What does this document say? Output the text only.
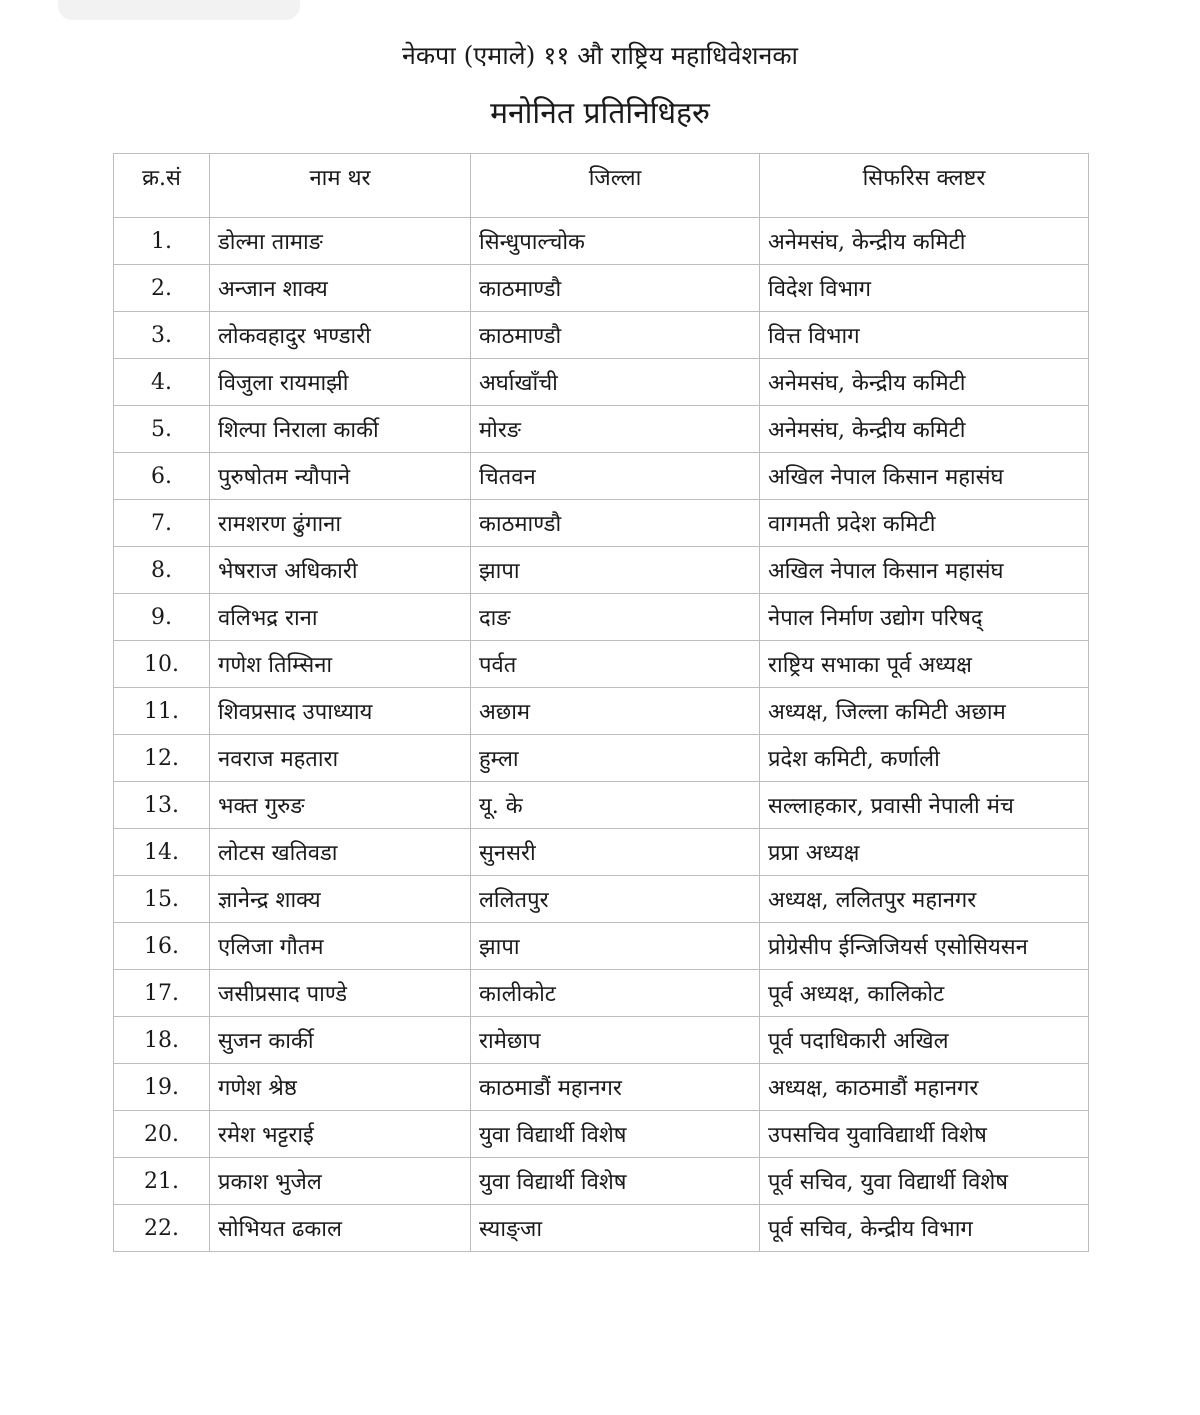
नेकपा (एमाले) ११ औ राष्ट्रिय महाधिवेशनका
मनोनित प्रतिनिधिहरु
क्र.सं	नाम थर	जिल्ला	सिफरिस क्लष्टर
1.	डोल्मा तामाङ	सिन्धुपाल्चोक	अनेमसंघ, केन्द्रीय कमिटी
2.	अन्जान शाक्य	काठमाण्डौ	विदेश विभाग
3.	लोकवहादुर भण्डारी	काठमाण्डौ	वित्त विभाग
4.	विजुला रायमाझी	अर्घाखाँची	अनेमसंघ, केन्द्रीय कमिटी
5.	शिल्पा निराला कार्की	मोरङ	अनेमसंघ, केन्द्रीय कमिटी
6.	पुरुषोतम न्यौपाने	चितवन	अखिल नेपाल किसान महासंघ
7.	रामशरण ढुंगाना	काठमाण्डौ	वागमती प्रदेश कमिटी
8.	भेषराज अधिकारी	झापा	अखिल नेपाल किसान महासंघ
9.	वलिभद्र राना	दाङ	नेपाल निर्माण उद्योग परिषद्
10.	गणेश तिम्सिना	पर्वत	राष्ट्रिय सभाका पूर्व अध्यक्ष
11.	शिवप्रसाद उपाध्याय	अछाम	अध्यक्ष, जिल्ला कमिटी अछाम
12.	नवराज महतारा	हुम्ला	प्रदेश कमिटी, कर्णाली
13.	भक्त गुरुङ	यू. के	सल्लाहकार, प्रवासी नेपाली मंच
14.	लोटस खतिवडा	सुनसरी	प्रप्रा अध्यक्ष
15.	ज्ञानेन्द्र शाक्य	ललितपुर	अध्यक्ष, ललितपुर महानगर
16.	एलिजा गौतम	झापा	प्रोग्रेसीप ईन्जिजियर्स एसोसियसन
17.	जसीप्रसाद पाण्डे	कालीकोट	पूर्व अध्यक्ष, कालिकोट
18.	सुजन कार्की	रामेछाप	पूर्व पदाधिकारी अखिल
19.	गणेश श्रेष्ठ	काठमाडौं महानगर	अध्यक्ष, काठमाडौं महानगर
20.	रमेश भट्टराई	युवा विद्यार्थी विशेष	उपसचिव युवाविद्यार्थी विशेष
21.	प्रकाश भुजेल	युवा विद्यार्थी विशेष	पूर्व सचिव, युवा विद्यार्थी विशेष
22.	सोभियत ढकाल	स्याङ्जा	पूर्व सचिव, केन्द्रीय विभाग
